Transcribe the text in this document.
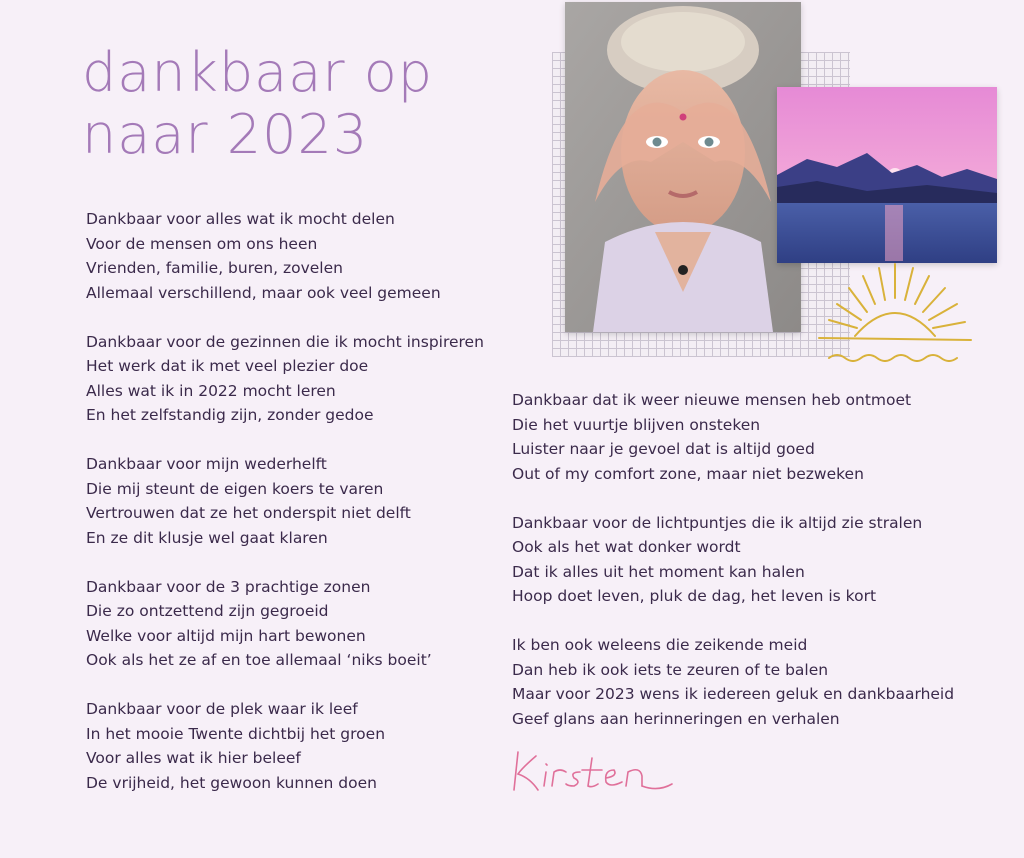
dankbaar op
naar 2023
Dankbaar voor alles wat ik mocht delen
Voor de mensen om ons heen
Vrienden, familie, buren, zovelen
Allemaal verschillend, maar ook veel gemeen
Dankbaar voor de gezinnen die ik mocht inspireren
Het werk dat ik met veel plezier doe
Alles wat ik in 2022 mocht leren
En het zelfstandig zijn, zonder gedoe
Dankbaar voor mijn wederhelft
Die mij steunt de eigen koers te varen
Vertrouwen dat ze het onderspit niet delft
En ze dit klusje wel gaat klaren
Dankbaar voor de 3 prachtige zonen
Die zo ontzettend zijn gegroeid
Welke voor altijd mijn hart bewonen
Ook als het ze af en toe allemaal ‘niks boeit’
Dankbaar voor de plek waar ik leef
In het mooie Twente dichtbij het groen
Voor alles wat ik hier beleef
De vrijheid, het gewoon kunnen doen
Dankbaar dat ik weer nieuwe mensen heb ontmoet
Die het vuurtje blijven onsteken
Luister naar je gevoel dat is altijd goed
Out of my comfort zone, maar niet bezweken
Dankbaar voor de lichtpuntjes die ik altijd zie stralen
Ook als het wat donker wordt
Dat ik alles uit het moment kan halen
Hoop doet leven, pluk de dag, het leven is kort
Ik ben ook weleens die zeikende meid
Dan heb ik ook iets te zeuren of te balen
Maar voor 2023 wens ik iedereen geluk en dankbaarheid
Geef glans aan herinneringen en verhalen
